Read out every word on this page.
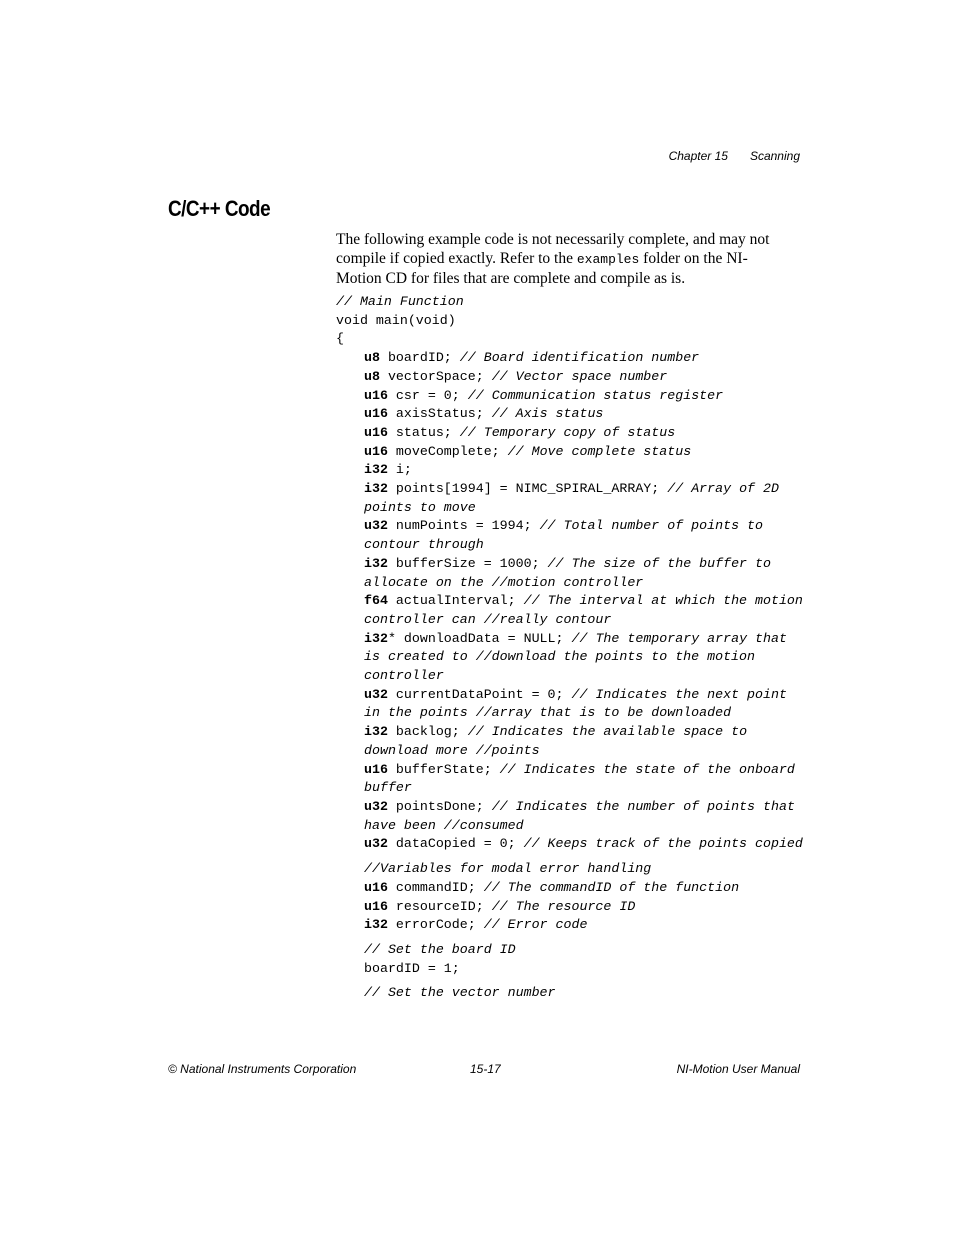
Chapter 15 Scanning
C/C++ Code

The following example code is not necessarily complete, and may not compile if copied exactly. Refer to the examples folder on the NI-Motion CD for files that are complete and compile as is.

// Main Function
void main(void)
{
u8 boardID; // Board identification number
u8 vectorSpace; // Vector space number
u16 csr = 0; // Communication status register
u16 axisStatus; // Axis status
u16 status; // Temporary copy of status
u16 moveComplete; // Move complete status
i32 i;
i32 points[1994] = NIMC_SPIRAL_ARRAY; // Array of 2D points to move
u32 numPoints = 1994; // Total number of points to contour through
i32 bufferSize = 1000; // The size of the buffer to allocate on the //motion controller
f64 actualInterval; // The interval at which the motion controller can //really contour
i32* downloadData = NULL; // The temporary array that is created to //download the points to the motion controller
u32 currentDataPoint = 0; // Indicates the next point in the points //array that is to be downloaded
i32 backlog; // Indicates the available space to download more //points
u16 bufferState; // Indicates the state of the onboard buffer
u32 pointsDone; // Indicates the number of points that have been //consumed
u32 dataCopied = 0; // Keeps track of the points copied
//Variables for modal error handling
u16 commandID; // The commandID of the function
u16 resourceID; // The resource ID
i32 errorCode; // Error code
// Set the board ID
boardID = 1;
// Set the vector number
© National Instruments Corporation	15-17	NI-Motion User Manual
